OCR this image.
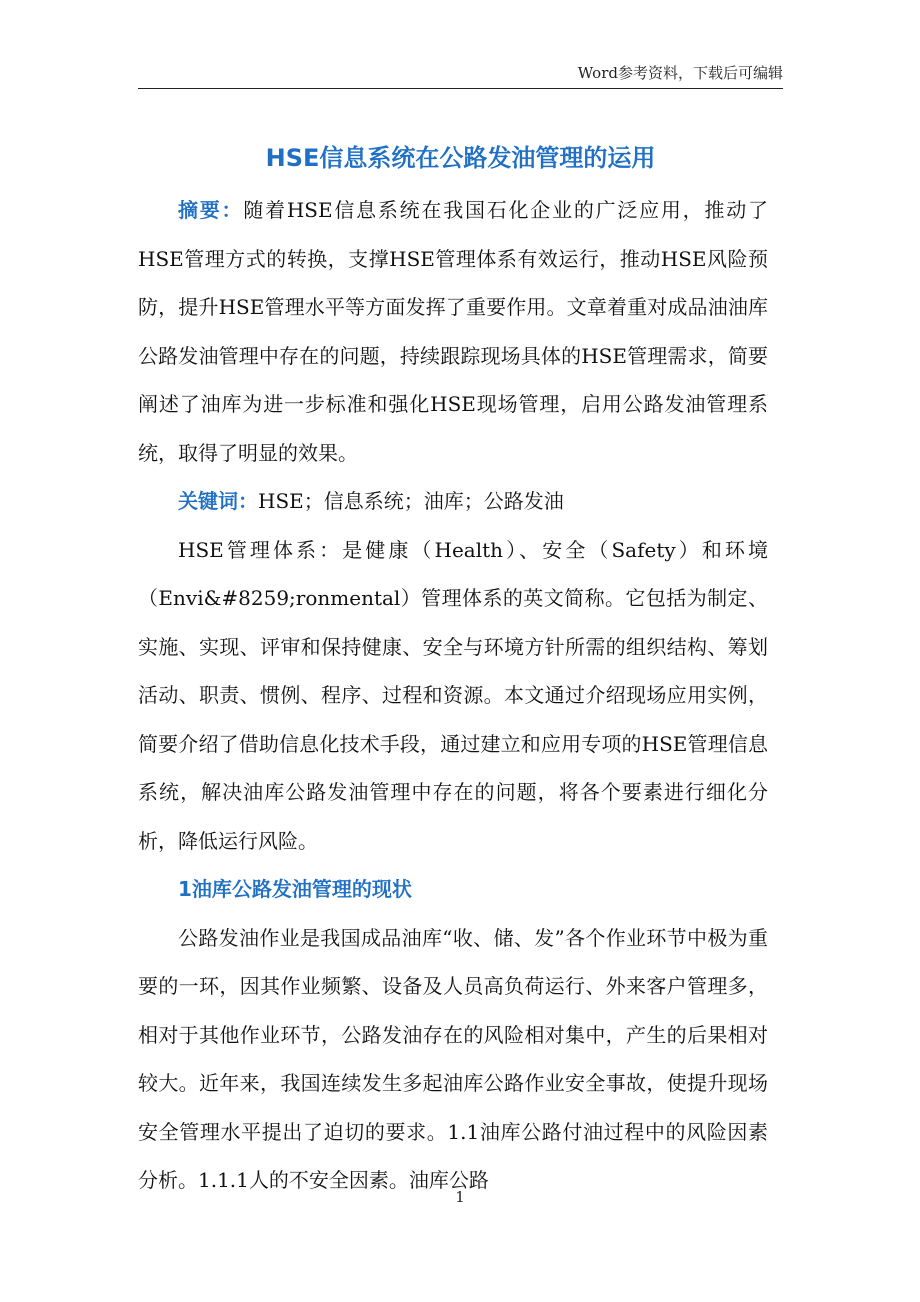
Word参考资料，下载后可编辑
HSE信息系统在公路发油管理的运用

摘要：随着HSE信息系统在我国石化企业的广泛应用，推动了HSE管理方式的转换，支撑HSE管理体系有效运行，推动HSE风险预防，提升HSE管理水平等方面发挥了重要作用。文章着重对成品油油库公路发油管理中存在的问题，持续跟踪现场具体的HSE管理需求，简要阐述了油库为进一步标准和强化HSE现场管理，启用公路发油管理系统，取得了明显的效果。

关键词：HSE；信息系统；油库；公路发油

HSE管理体系：是健康（Health）、安全（Safety）和环境（Envi&#8259;ronmental）管理体系的英文简称。它包括为制定、实施、实现、评审和保持健康、安全与环境方针所需的组织结构、筹划活动、职责、惯例、程序、过程和资源。本文通过介绍现场应用实例，简要介绍了借助信息化技术手段，通过建立和应用专项的HSE管理信息系统，解决油库公路发油管理中存在的问题，将各个要素进行细化分析，降低运行风险。

1油库公路发油管理的现状

公路发油作业是我国成品油库“收、储、发”各个作业环节中极为重要的一环，因其作业频繁、设备及人员高负荷运行、外来客户管理多，相对于其他作业环节，公路发油存在的风险相对集中，产生的后果相对较大。近年来，我国连续发生多起油库公路作业安全事故，使提升现场安全管理水平提出了迫切的要求。1.1油库公路付油过程中的风险因素分析。1.1.1人的不安全因素。油库公路

1
